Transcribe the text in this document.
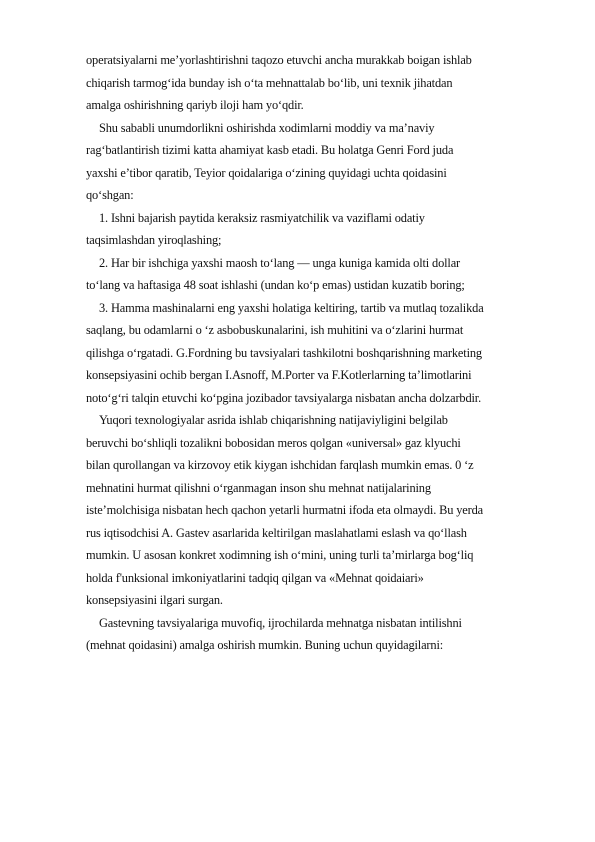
operatsiyalarni me’yorlashtirishni taqozo etuvchi ancha murakkab boigan ishlab
chiqarish tarmog‘ida bunday ish o‘ta mehnattalab bo‘lib, uni texnik jihatdan
amalga oshirishning qariyb iloji ham yo‘qdir.
Shu sababli unumdorlikni oshirishda xodimlarni moddiy va ma’naviy
rag‘batlantirish tizimi katta ahamiyat kasb etadi. Bu holatga Genri Ford juda
yaxshi e’tibor qaratib, Teyior qoidalariga o‘zining quyidagi uchta qoidasini
qo‘shgan:
1. Ishni bajarish paytida keraksiz rasmiyatchilik va vaziflami odatiy
taqsimlashdan yiroqlashing;
2. Har bir ishchiga yaxshi maosh to‘lang — unga kuniga kamida olti dollar
to‘lang va haftasiga 48 soat ishlashi (undan ko‘p emas) ustidan kuzatib boring;
3. Hamma mashinalarni eng yaxshi holatiga keltiring, tartib va mutlaq tozalikda
saqlang, bu odamlarni o ‘z asbobuskunalarini, ish muhitini va o‘zlarini hurmat
qilishga o‘rgatadi. G.Fordning bu tavsiyalari tashkilotni boshqarishning marketing
konsepsiyasini ochib bergan I.Asnoff, M.Porter va F.Kotlerlarning ta’limotlarini
noto‘g‘ri talqin etuvchi ko‘pgina jozibador tavsiyalarga nisbatan ancha dolzarbdir.
Yuqori texnologiyalar asrida ishlab chiqarishning natijaviyligini belgilab
beruvchi bo‘shliqli tozalikni bobosidan meros qolgan «universal» gaz klyuchi
bilan qurollangan va kirzovoy etik kiygan ishchidan farqlash mumkin emas. 0 ‘z
mehnatini hurmat qilishni o‘rganmagan inson shu mehnat natijalarining
iste’molchisiga nisbatan hech qachon yetarli hurmatni ifoda eta olmaydi. Bu yerda
rus iqtisodchisi A. Gastev asarlarida keltirilgan maslahatlami eslash va qo‘llash
mumkin. U asosan konkret xodimning ish o‘mini, uning turli ta’mirlarga bog‘liq
holda f'unksional imkoniyatlarini tadqiq qilgan va «Mehnat qoidaiari»
konsepsiyasini ilgari surgan.
Gastevning tavsiyalariga muvofiq, ijrochilarda mehnatga nisbatan intilishni
(mehnat qoidasini) amalga oshirish mumkin. Buning uchun quyidagilarni:
